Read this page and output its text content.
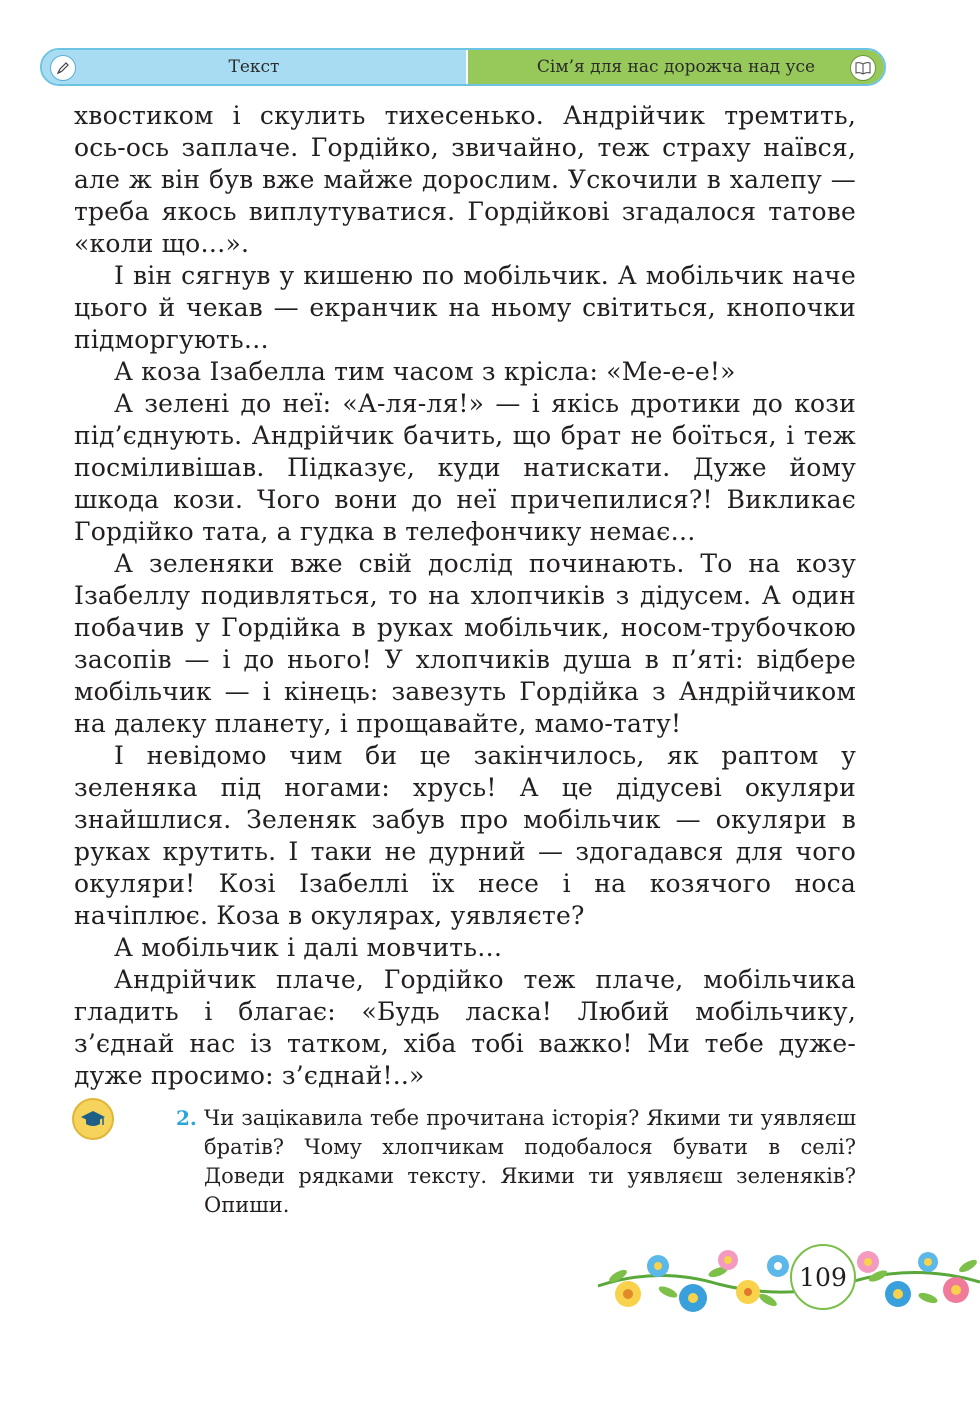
Текст	Сім’я для нас дорожча над усе

хвостиком і скулить тихесенько. Андрійчик тремтить, ось-ось заплаче. Гордійко, звичайно, теж страху наївся, але ж він був вже майже дорослим. Ускочили в халепу — треба якось виплутуватися. Гордійкові згадалося татове «коли що…».

І він сягнув у кишеню по мобільчик. А мобільчик наче цього й чекав — екранчик на ньому світиться, кнопочки підморгують…

А коза Ізабелла тим часом з крісла: «Ме-е-е!»

А зелені до неї: «А-ля-ля!» — і якісь дротики до кози під’єднують. Андрійчик бачить, що брат не боїться, і теж посміливішав. Підказує, куди натискати. Дуже йому шкода кози. Чого вони до неї причепилися?! Викликає Гордійко тата, а гудка в телефончику немає…

А зеленяки вже свій дослід починають. То на козу Ізабеллу подивляться, то на хлопчиків з дідусем. А один побачив у Гордійка в руках мобільчик, носом-трубочкою засопів — і до нього! У хлопчиків душа в п’яті: відбере мобільчик — і кінець: завезуть Гордійка з Андрійчиком на далеку планету, і прощавайте, мамо-тату!

І невідомо чим би це закінчилось, як раптом у зеленяка під ногами: хрусь! А це дідусеві окуляри знайшлися. Зеленяк забув про мобільчик — окуляри в руках крутить. І таки не дурний — здогадався для чого окуляри! Козі Ізабеллі їх несе і на козячого носа начіплює. Коза в окулярах, уявляєте?

А мобільчик і далі мовчить…

Андрійчик плаче, Гордійко теж плаче, мобільчика гладить і благає: «Будь ласка! Любий мобільчику, з’єднай нас із татком, хіба тобі важко! Ми тебе дуже-дуже просимо: з’єднай!..»

2. Чи зацікавила тебе прочитана історія? Якими ти уявляєш братів? Чому хлопчикам подобалося бувати в селі? Доведи рядками тексту. Якими ти уявляєш зеленяків? Опиши.

109
